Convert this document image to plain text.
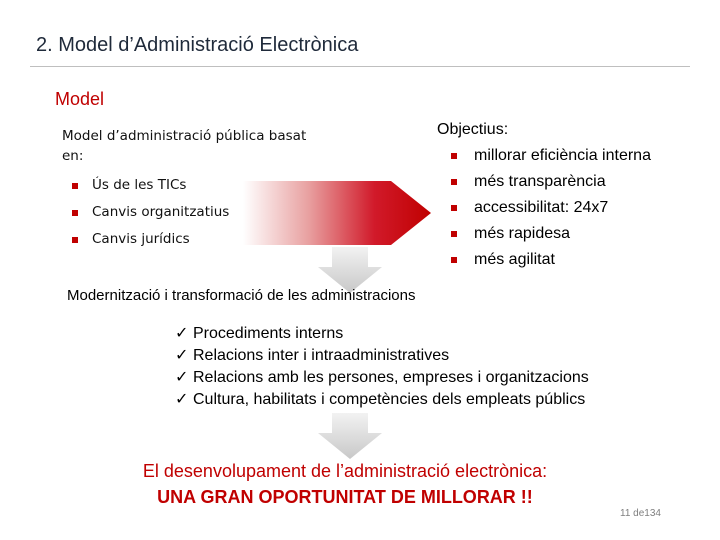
2. Model d’Administració Electrònica
Model
Model d’administració pública basat en:
Ús de les TICs
Canvis organitzatius
Canvis jurídics
Objectius:
millorar eficiència interna
més transparència
accessibilitat: 24x7
més rapidesa
més agilitat
Modernització i transformació de les administracions
✓ Procediments interns
✓ Relacions inter i intraadministratives
✓ Relacions amb les persones, empreses i organitzacions
✓ Cultura, habilitats i competències dels empleats públics
El desenvolupament de l’administració electrònica:
UNA GRAN OPORTUNITAT DE MILLORAR !!
11 de134
